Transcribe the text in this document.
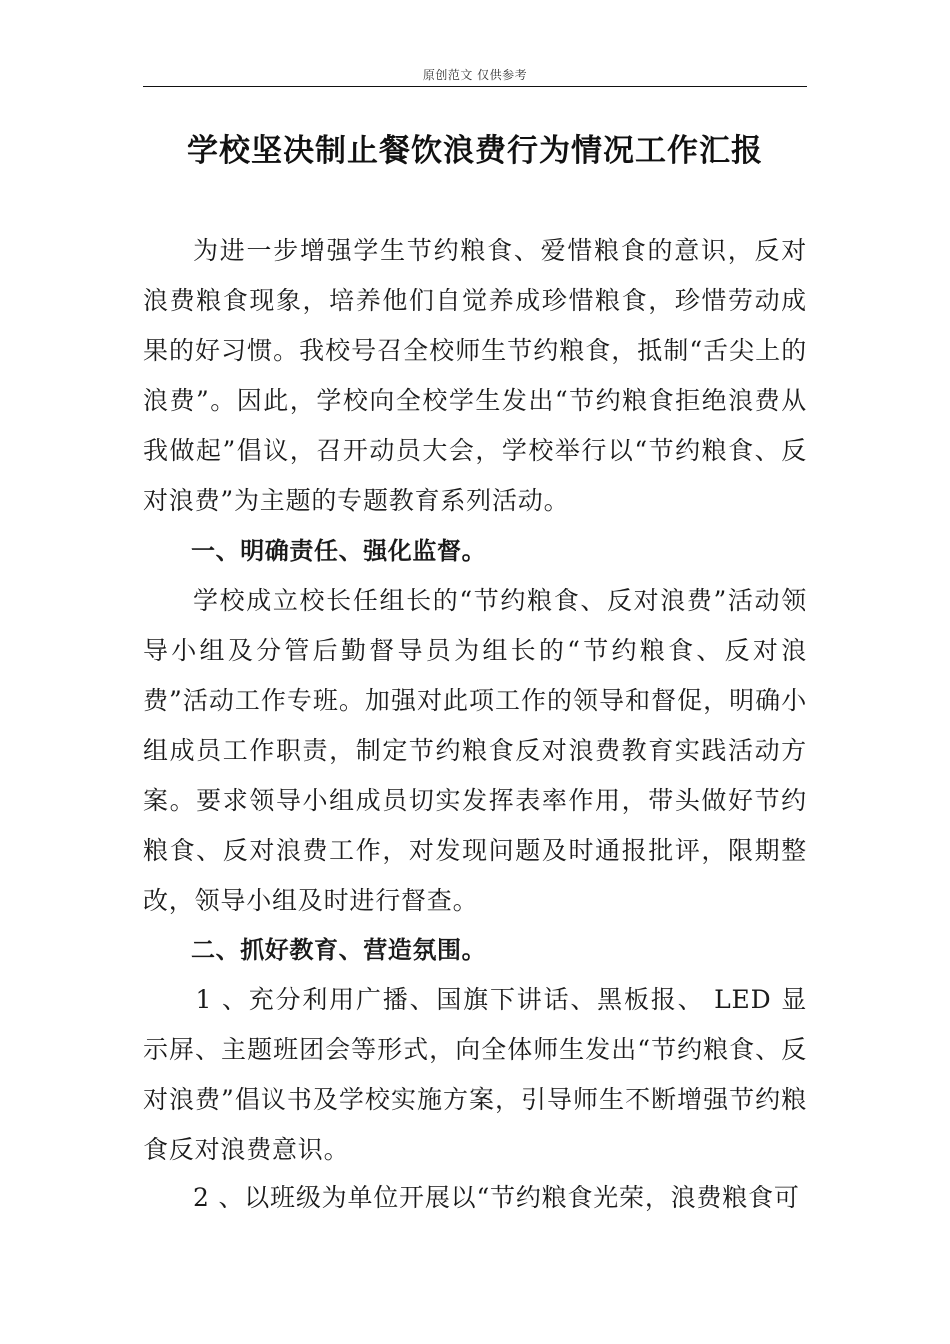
原创范文 仅供参考
学校坚决制止餐饮浪费行为情况工作汇报

为进一步增强学生节约粮食、爱惜粮食的意识，反对浪费粮食现象，培养他们自觉养成珍惜粮食，珍惜劳动成果的好习惯。我校号召全校师生节约粮食，抵制“舌尖上的浪费”。因此，学校向全校学生发出“节约粮食拒绝浪费从我做起”倡议，召开动员大会，学校举行以“节约粮食、反对浪费”为主题的专题教育系列活动。

一、明确责任、强化监督。

学校成立校长任组长的“节约粮食、反对浪费”活动领导小组及分管后勤督导员为组长的“节约粮食、反对浪费”活动工作专班。加强对此项工作的领导和督促，明确小组成员工作职责，制定节约粮食反对浪费教育实践活动方案。要求领导小组成员切实发挥表率作用，带头做好节约粮食、反对浪费工作，对发现问题及时通报批评，限期整改，领导小组及时进行督查。

二、抓好教育、营造氛围。

1 、充分利用广播、国旗下讲话、黑板报、 LED 显示屏、主题班团会等形式，向全体师生发出“节约粮食、反对浪费”倡议书及学校实施方案，引导师生不断增强节约粮食反对浪费意识。

2 、以班级为单位开展以“节约粮食光荣，浪费粮食可
